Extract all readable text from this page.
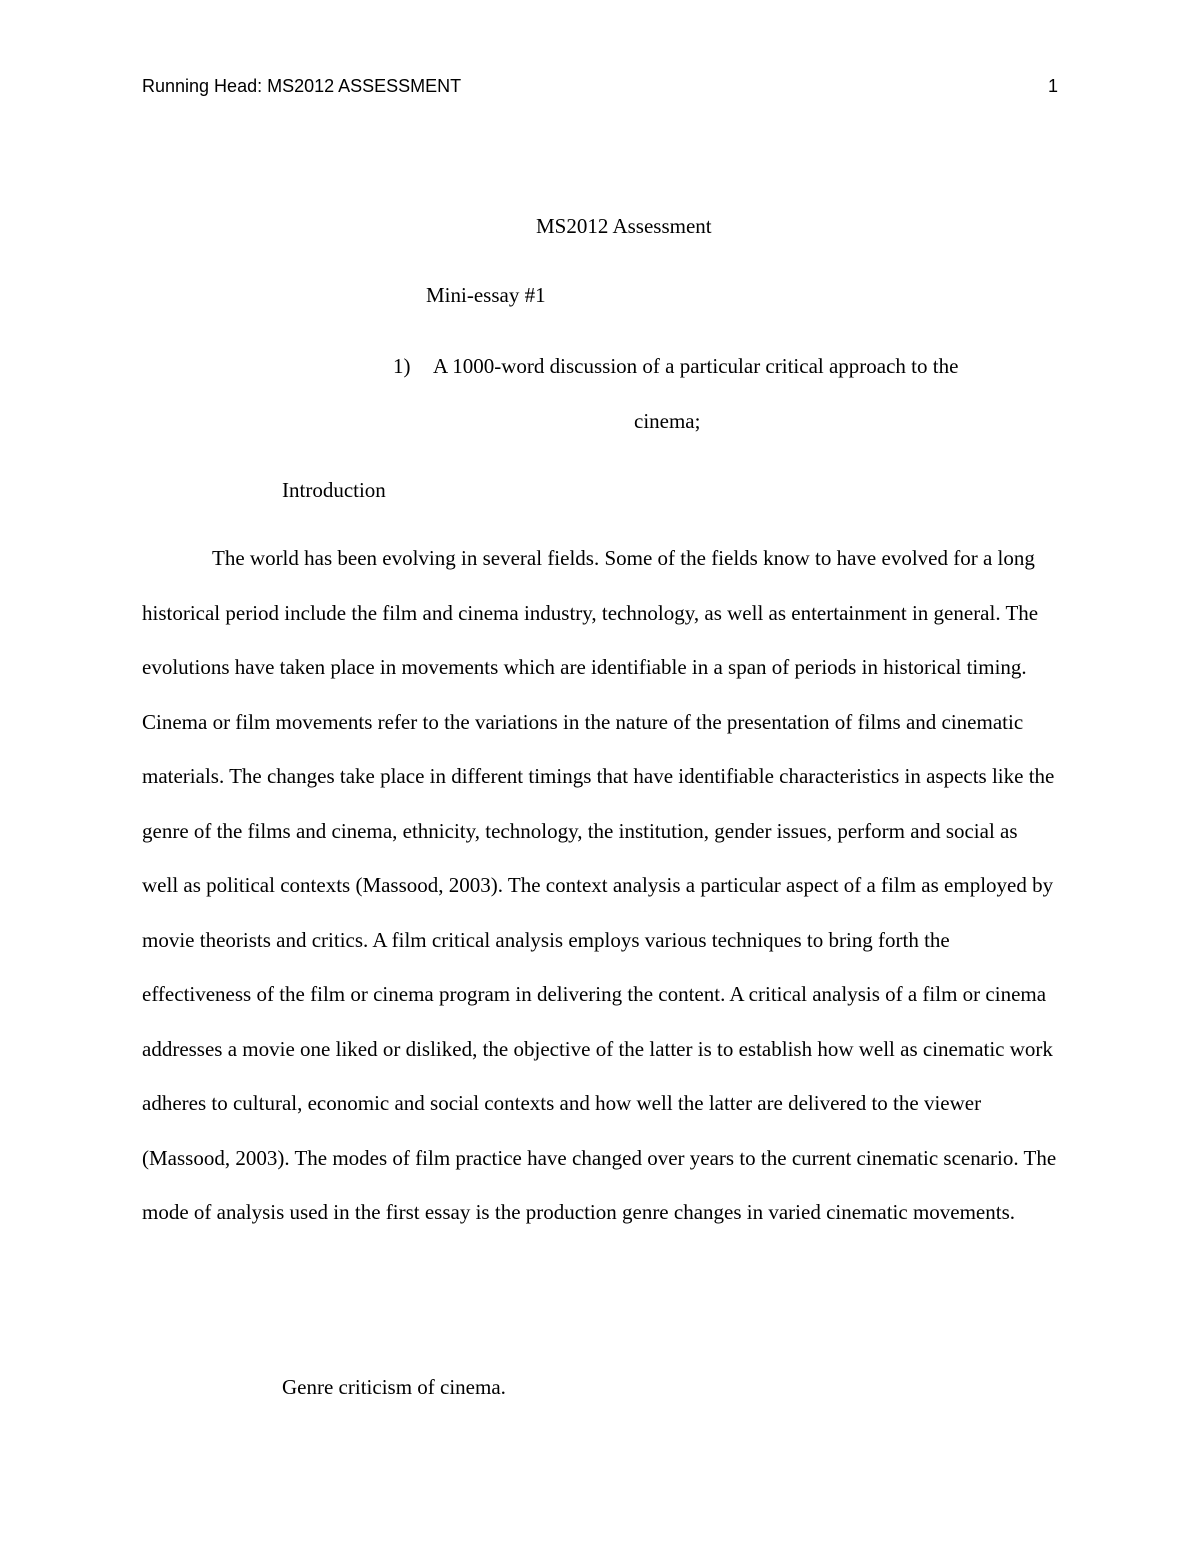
Running Head: MS2012 ASSESSMENT	1
MS2012 Assessment
Mini-essay #1
1) A 1000-word discussion of a particular critical approach to the
cinema;
Introduction

The world has been evolving in several fields. Some of the fields know to have evolved for a long historical period include the film and cinema industry, technology, as well as entertainment in general. The evolutions have taken place in movements which are identifiable in a span of periods in historical timing. Cinema or film movements refer to the variations in the nature of the presentation of films and cinematic materials. The changes take place in different timings that have identifiable characteristics in aspects like the genre of the films and cinema, ethnicity, technology, the institution, gender issues, perform and social as well as political contexts (Massood, 2003). The context analysis a particular aspect of a film as employed by movie theorists and critics. A film critical analysis employs various techniques to bring forth the effectiveness of the film or cinema program in delivering the content. A critical analysis of a film or cinema addresses a movie one liked or disliked, the objective of the latter is to establish how well as cinematic work adheres to cultural, economic and social contexts and how well the latter are delivered to the viewer (Massood, 2003). The modes of film practice have changed over years to the current cinematic scenario. The mode of analysis used in the first essay is the production genre changes in varied cinematic movements.

Genre criticism of cinema.
